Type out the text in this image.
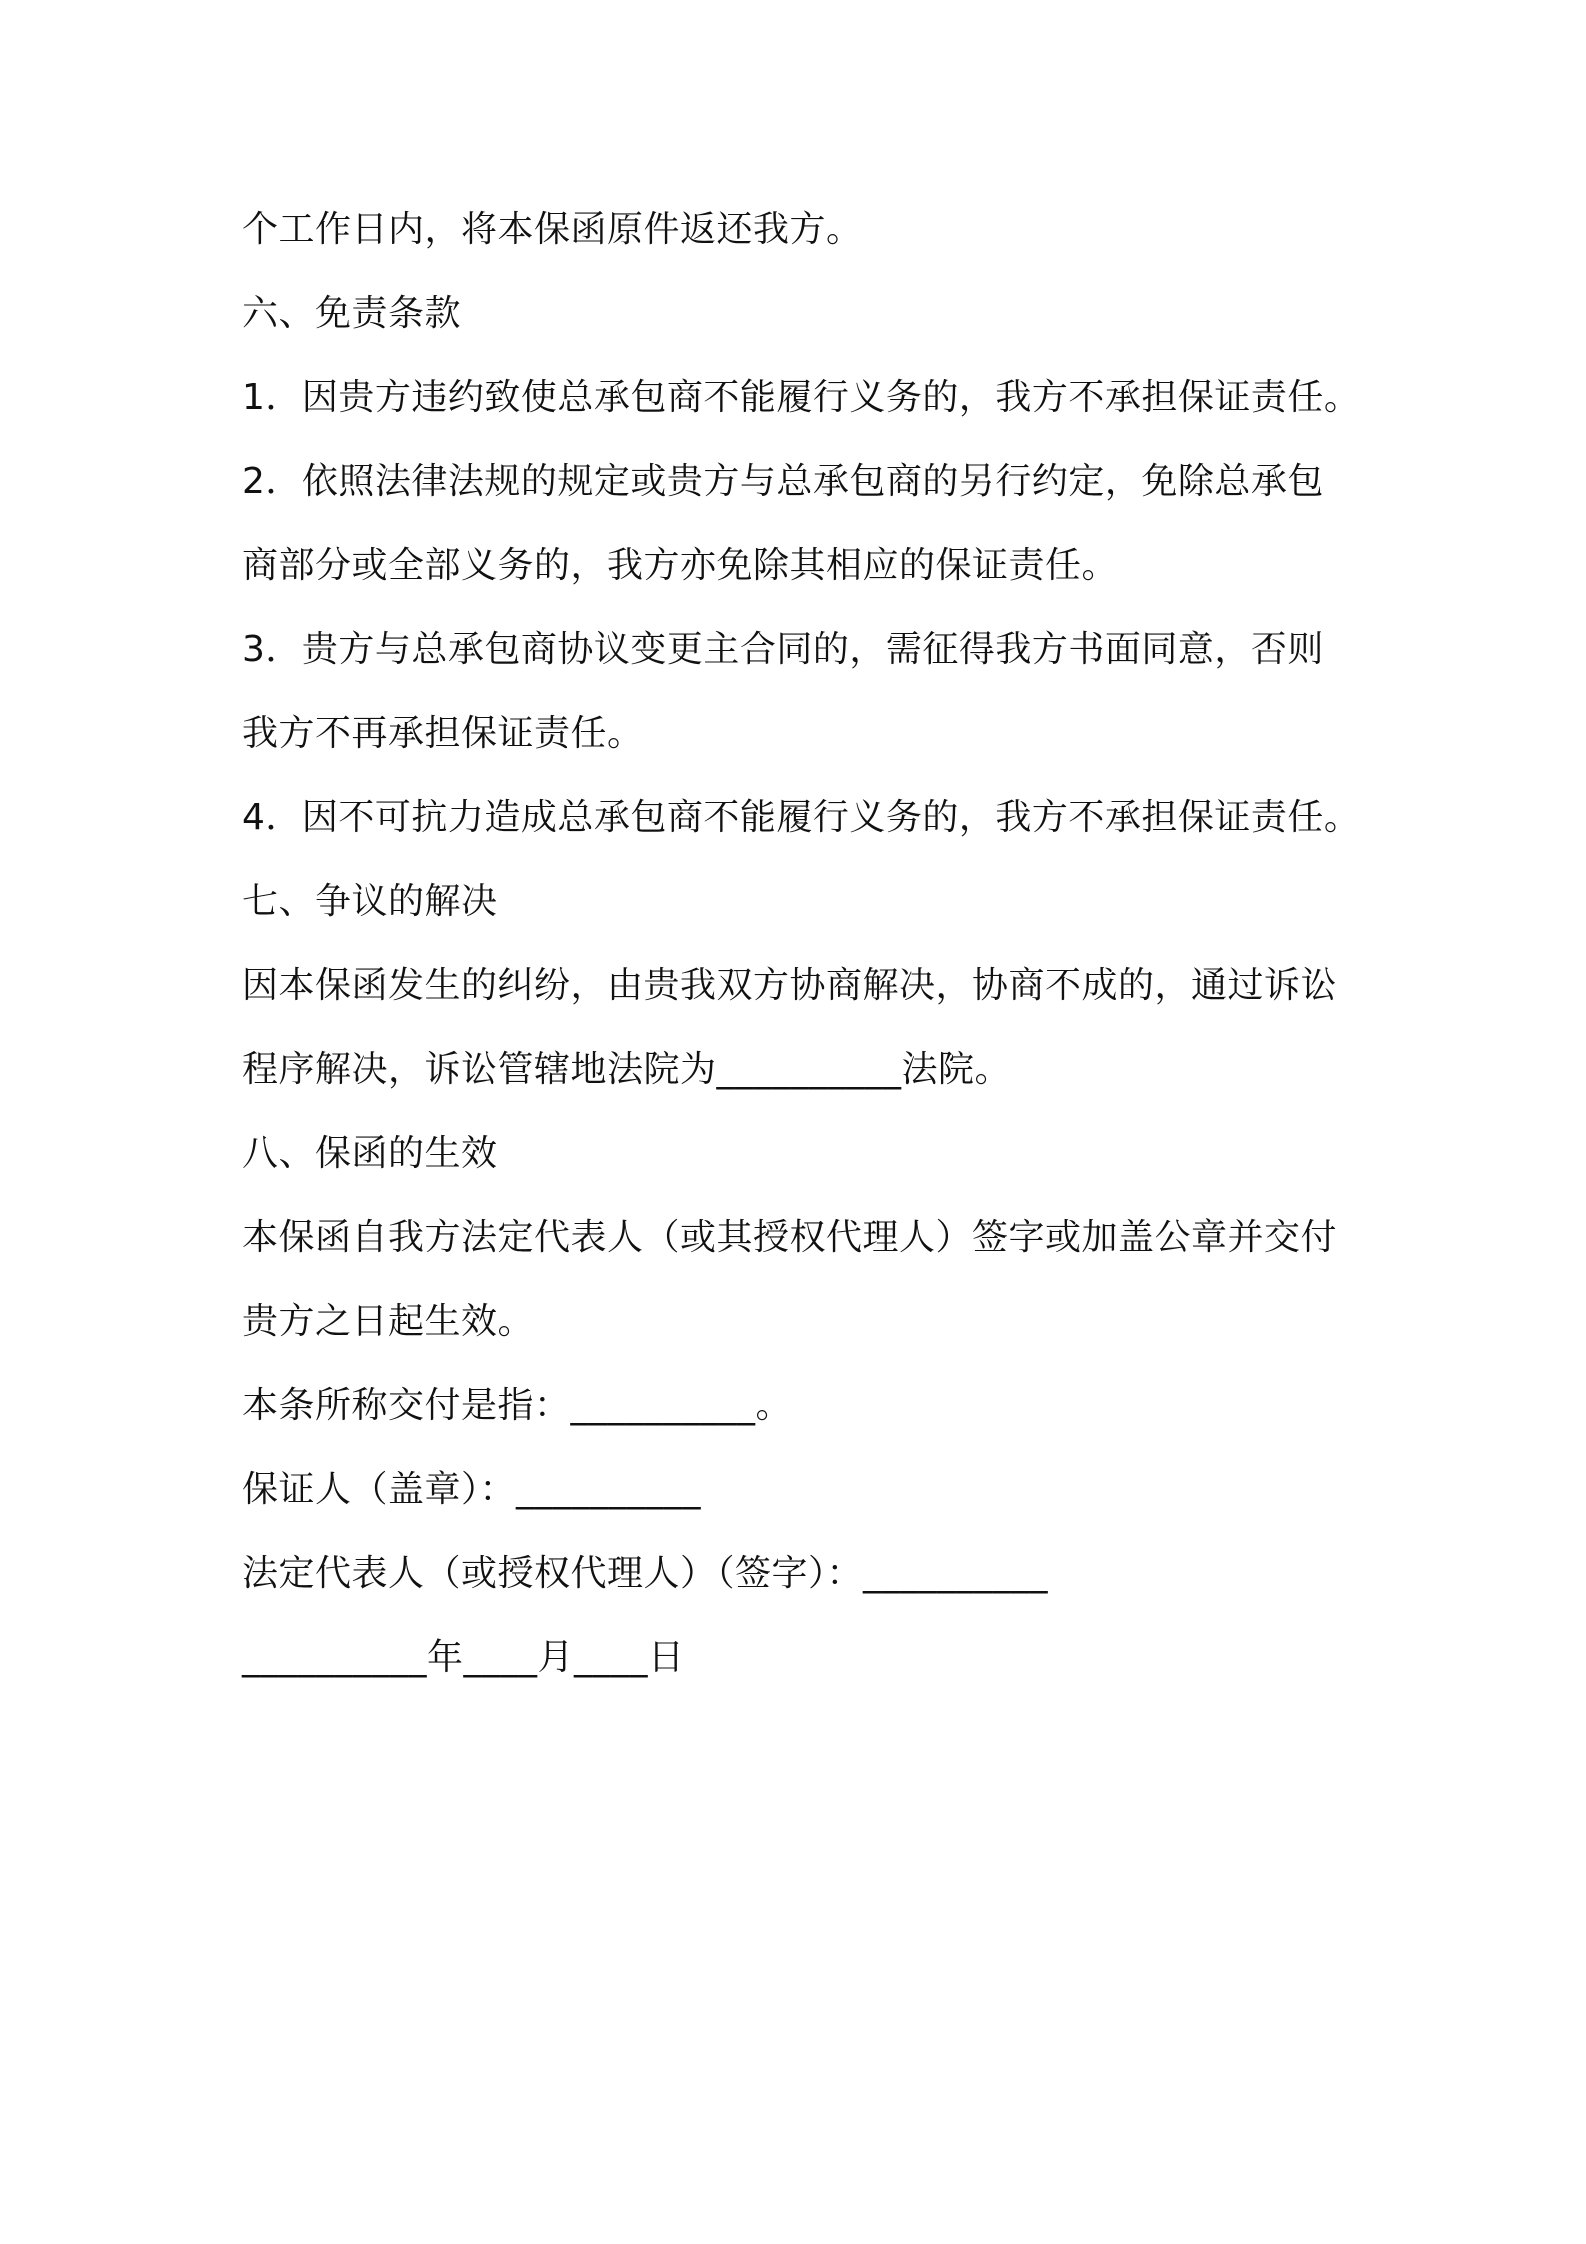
个工作日内，将本保函原件返还我方。
六、免责条款
1．因贵方违约致使总承包商不能履行义务的，我方不承担保证责任。
2．依照法律法规的规定或贵方与总承包商的另行约定，免除总承包
商部分或全部义务的，我方亦免除其相应的保证责任。
3．贵方与总承包商协议变更主合同的，需征得我方书面同意，否则
我方不再承担保证责任。
4．因不可抗力造成总承包商不能履行义务的，我方不承担保证责任。
七、争议的解决
因本保函发生的纠纷，由贵我双方协商解决，协商不成的，通过诉讼
程序解决，诉讼管辖地法院为__________法院。
八、保函的生效
本保函自我方法定代表人（或其授权代理人）签字或加盖公章并交付
贵方之日起生效。
本条所称交付是指：__________。
保证人（盖章）：__________
法定代表人（或授权代理人）（签字）：__________
__________年____月____日
